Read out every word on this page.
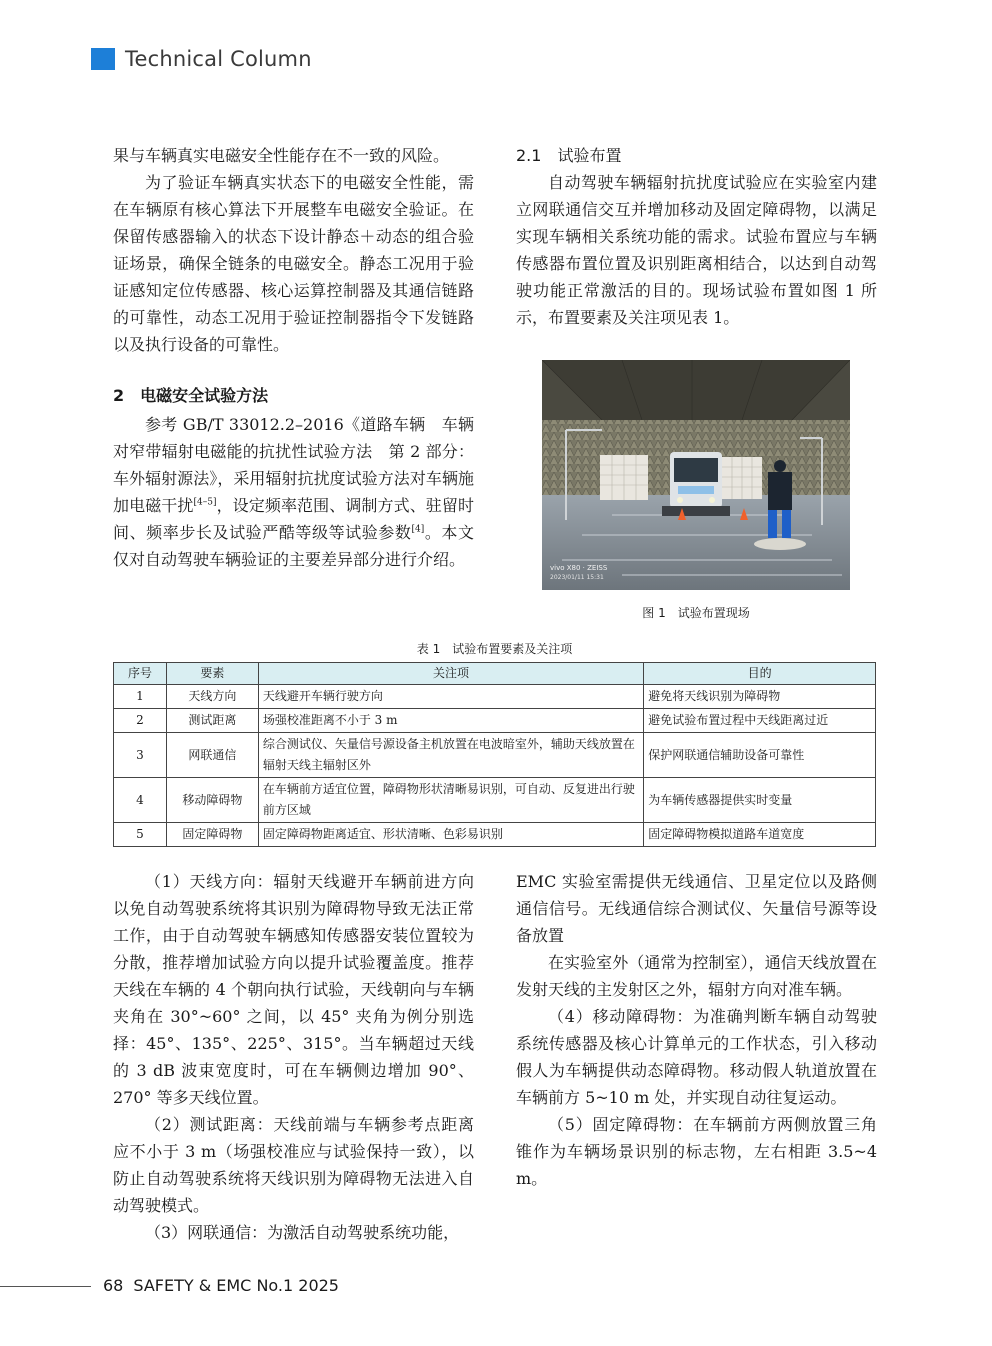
Technical Column

果与车辆真实电磁安全性能存在不一致的风险。

为了验证车辆真实状态下的电磁安全性能，需在车辆原有核心算法下开展整车电磁安全验证。在保留传感器输入的状态下设计静态＋动态的组合验证场景，确保全链条的电磁安全。静态工况用于验证感知定位传感器、核心运算控制器及其通信链路的可靠性，动态工况用于验证控制器指令下发链路以及执行设备的可靠性。

2　电磁安全试验方法

参考 GB/T 33012.2–2016《道路车辆　车辆对窄带辐射电磁能的抗扰性试验方法　第 2 部分：车外辐射源法》，采用辐射抗扰度试验方法对车辆施加电磁干扰[4–5]，设定频率范围、调制方式、驻留时间、频率步长及试验严酷等级等试验参数[4]。本文仅对自动驾驶车辆验证的主要差异部分进行介绍。

2.1　试验布置

自动驾驶车辆辐射抗扰度试验应在实验室内建立网联通信交互并增加移动及固定障碍物，以满足实现车辆相关系统功能的需求。试验布置应与车辆传感器布置位置及识别距离相结合，以达到自动驾驶功能正常激活的目的。现场试验布置如图 1 所示，布置要素及关注项见表 1。

vivo X80 · ZEISS
2023/01/11 15:31
图 1　试验布置现场
表 1　试验布置要素及关注项
序号	要素	关注项	目的
1	天线方向	天线避开车辆行驶方向	避免将天线识别为障碍物
2	测试距离	场强校准距离不小于 3 m	避免试验布置过程中天线距离过近
3	网联通信	综合测试仪、矢量信号源设备主机放置在电波暗室外，辅助天线放置在辐射天线主辐射区外	保护网联通信辅助设备可靠性
4	移动障碍物	在车辆前方适宜位置，障碍物形状清晰易识别，可自动、反复进出行驶前方区域	为车辆传感器提供实时变量
5	固定障碍物	固定障碍物距离适宜、形状清晰、色彩易识别	固定障碍物模拟道路车道宽度

（1）天线方向：辐射天线避开车辆前进方向以免自动驾驶系统将其识别为障碍物导致无法正常工作，由于自动驾驶车辆感知传感器安装位置较为分散，推荐增加试验方向以提升试验覆盖度。推荐天线在车辆的 4 个朝向执行试验，天线朝向与车辆夹角在 30°~60° 之间，以 45° 夹角为例分别选择：45°、135°、225°、315°。当车辆超过天线的 3 dB 波束宽度时，可在车辆侧边增加 90°、270° 等多天线位置。

（2）测试距离：天线前端与车辆参考点距离应不小于 3 m（场强校准应与试验保持一致），以防止自动驾驶系统将天线识别为障碍物无法进入自动驾驶模式。

（3）网联通信：为激活自动驾驶系统功能，

EMC 实验室需提供无线通信、卫星定位以及路侧通信信号。无线通信综合测试仪、矢量信号源等设备放置

在实验室外（通常为控制室），通信天线放置在发射天线的主发射区之外，辐射方向对准车辆。

（4）移动障碍物：为准确判断车辆自动驾驶系统传感器及核心计算单元的工作状态，引入移动假人为车辆提供动态障碍物。移动假人轨道放置在车辆前方 5~10 m 处，并实现自动往复运动。

（5）固定障碍物：在车辆前方两侧放置三角锥作为车辆场景识别的标志物，左右相距 3.5~4 m。

68 SAFETY & EMC No.1 2025
